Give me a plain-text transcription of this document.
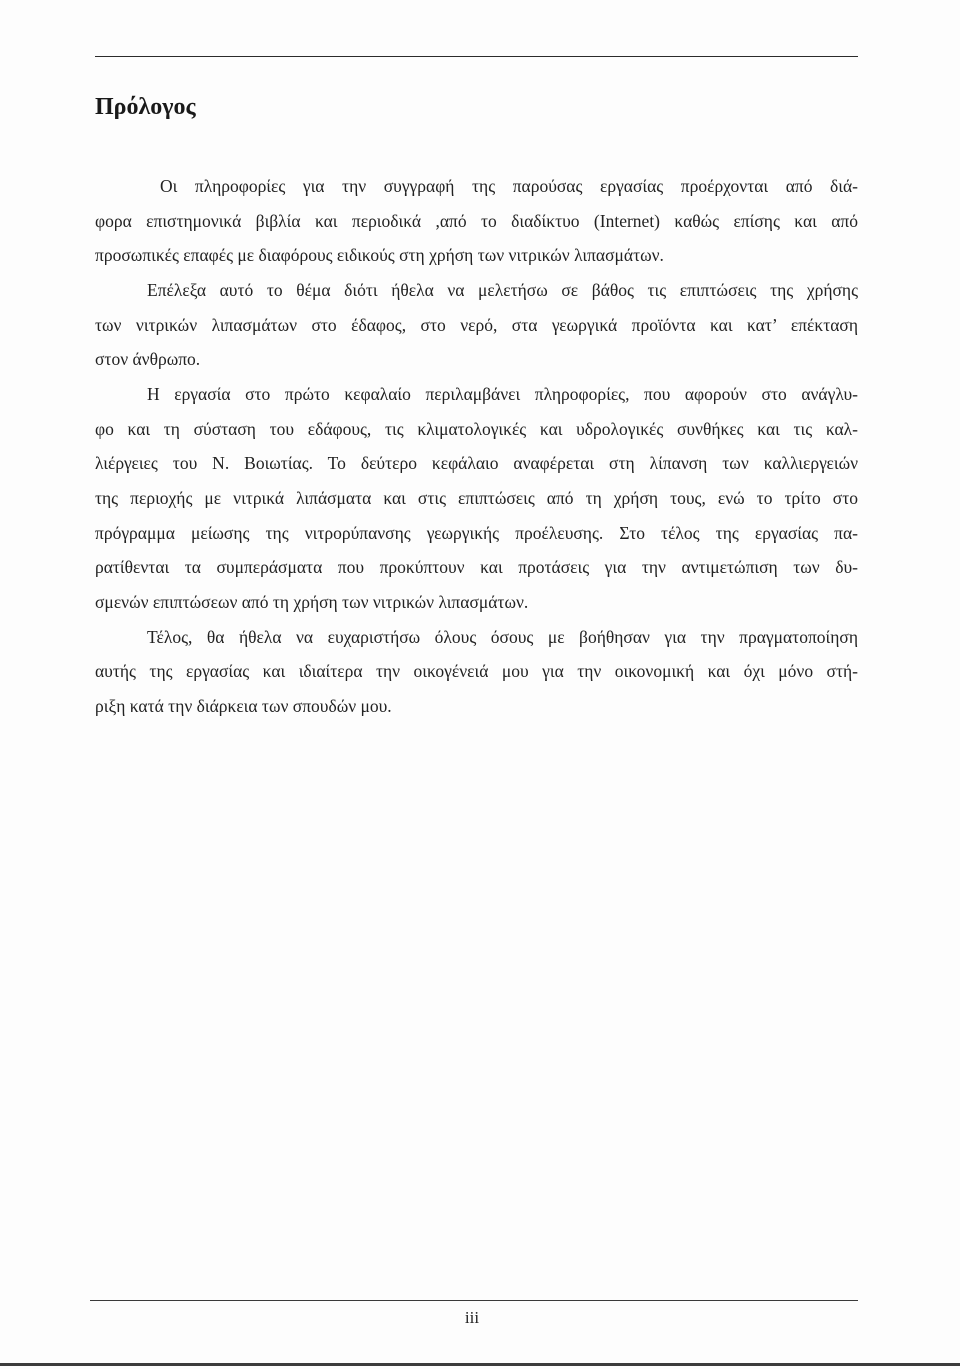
Πρόλογος
Οι πληροφορίες για την συγγραφή της παρούσας εργασίας προέρχονται από διά-
φορα επιστημονικά βιβλία και περιοδικά ,από το διαδίκτυο (Internet) καθώς επίσης και από
προσωπικές επαφές με διαφόρους ειδικούς στη χρήση των νιτρικών λιπασμάτων.
Επέλεξα αυτό το θέμα διότι ήθελα να μελετήσω σε βάθος τις επιπτώσεις της χρήσης
των νιτρικών λιπασμάτων στο έδαφος, στο νερό, στα γεωργικά προϊόντα και κατ’ επέκταση
στον άνθρωπο.
Η εργασία στο πρώτο κεφαλαίο περιλαμβάνει πληροφορίες, που αφορούν στο ανάγλυ-
φο και τη σύσταση του εδάφους, τις κλιματολογικές και υδρολογικές συνθήκες και τις καλ-
λιέργειες του Ν. Βοιωτίας. Το δεύτερο κεφάλαιο αναφέρεται στη λίπανση των καλλιεργειών
της περιοχής με νιτρικά λιπάσματα και στις επιπτώσεις από τη χρήση τους, ενώ το τρίτο στο
πρόγραμμα μείωσης της νιτρορύπανσης γεωργικής προέλευσης. Στο τέλος της εργασίας πα-
ρατίθενται τα συμπεράσματα που προκύπτουν και προτάσεις για την αντιμετώπιση των δυ-
σμενών επιπτώσεων από τη χρήση των νιτρικών λιπασμάτων.
Τέλος, θα ήθελα να ευχαριστήσω όλους όσους με βοήθησαν για την πραγματοποίηση
αυτής της εργασίας και ιδιαίτερα την οικογένειά μου για την οικονομική και όχι μόνο στή-
ριξη κατά την διάρκεια των σπουδών μου.
iii
